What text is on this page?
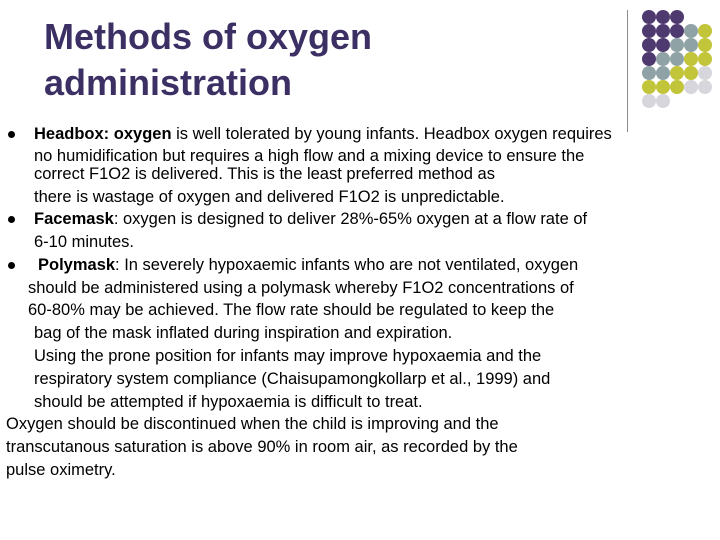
Methods of oxygen
administration
Headbox: oxygen is well tolerated by young infants. Headbox oxygen requires
no humidification but requires a high flow and a mixing device to ensure the
correct F1O2 is delivered. This is the least preferred method as
there is wastage of oxygen and delivered F1O2 is unpredictable.
Facemask: oxygen is designed to deliver 28%-65% oxygen at a flow rate of
6-10 minutes.
Polymask: In severely hypoxaemic infants who are not ventilated, oxygen
should be administered using a polymask whereby F1O2 concentrations of
60-80% may be achieved. The flow rate should be regulated to keep the
bag of the mask inflated during inspiration and expiration.
Using the prone position for infants may improve hypoxaemia and the
respiratory system compliance (Chaisupamongkollarp et al., 1999) and
should be attempted if hypoxaemia is difficult to treat.
Oxygen should be discontinued when the child is improving and the
transcutanous saturation is above 90% in room air, as recorded by the
pulse oximetry.
